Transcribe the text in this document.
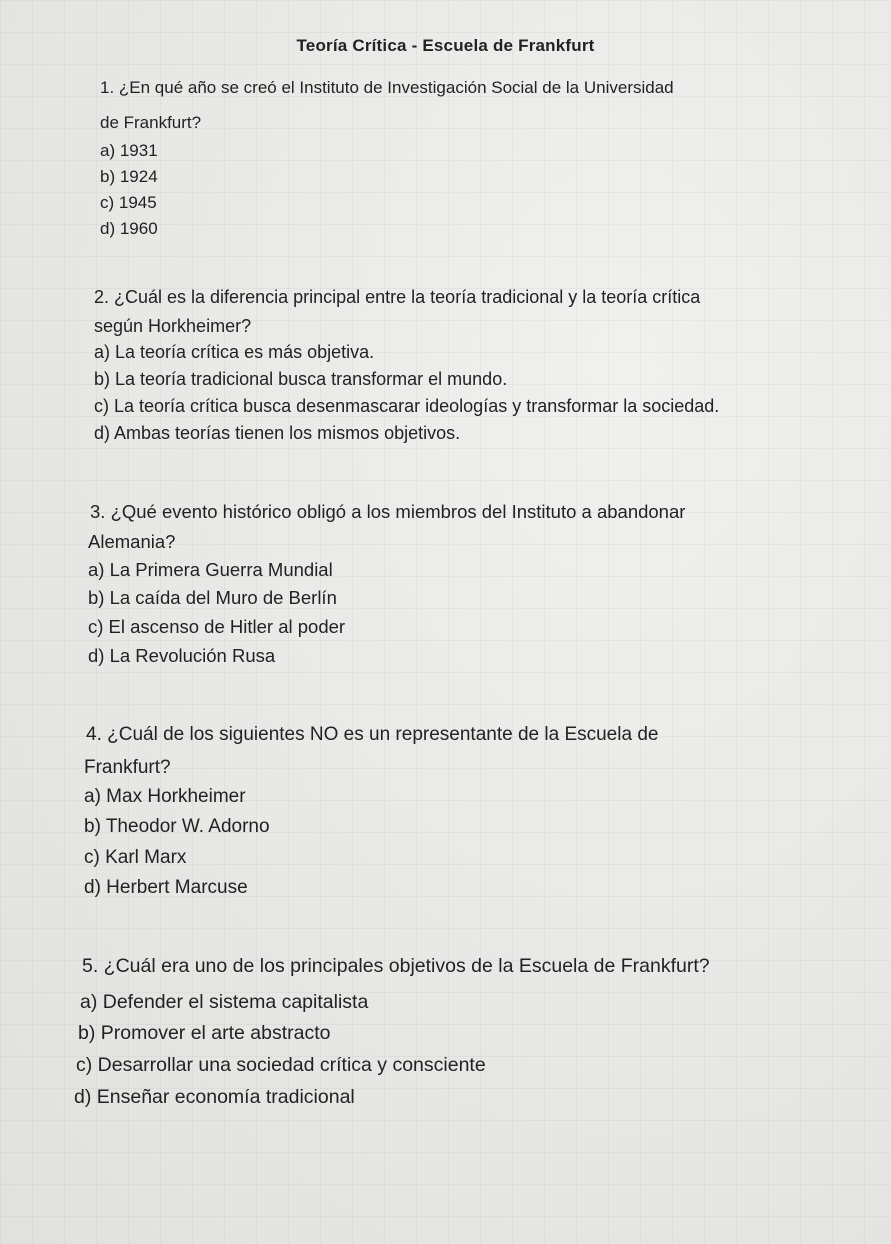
Teoría Crítica - Escuela de Frankfurt
1. ¿En qué año se creó el Instituto de Investigación Social de la Universidad
de Frankfurt?
a) 1931
b) 1924
c) 1945
d) 1960
2. ¿Cuál es la diferencia principal entre la teoría tradicional y la teoría crítica
según Horkheimer?
a) La teoría crítica es más objetiva.
b) La teoría tradicional busca transformar el mundo.
c) La teoría crítica busca desenmascarar ideologías y transformar la sociedad.
d) Ambas teorías tienen los mismos objetivos.
3. ¿Qué evento histórico obligó a los miembros del Instituto a abandonar
Alemania?
a) La Primera Guerra Mundial
b) La caída del Muro de Berlín
c) El ascenso de Hitler al poder
d) La Revolución Rusa
4. ¿Cuál de los siguientes NO es un representante de la Escuela de
Frankfurt?
a) Max Horkheimer
b) Theodor W. Adorno
c) Karl Marx
d) Herbert Marcuse
5. ¿Cuál era uno de los principales objetivos de la Escuela de Frankfurt?
a) Defender el sistema capitalista
b) Promover el arte abstracto
c) Desarrollar una sociedad crítica y consciente
d) Enseñar economía tradicional
